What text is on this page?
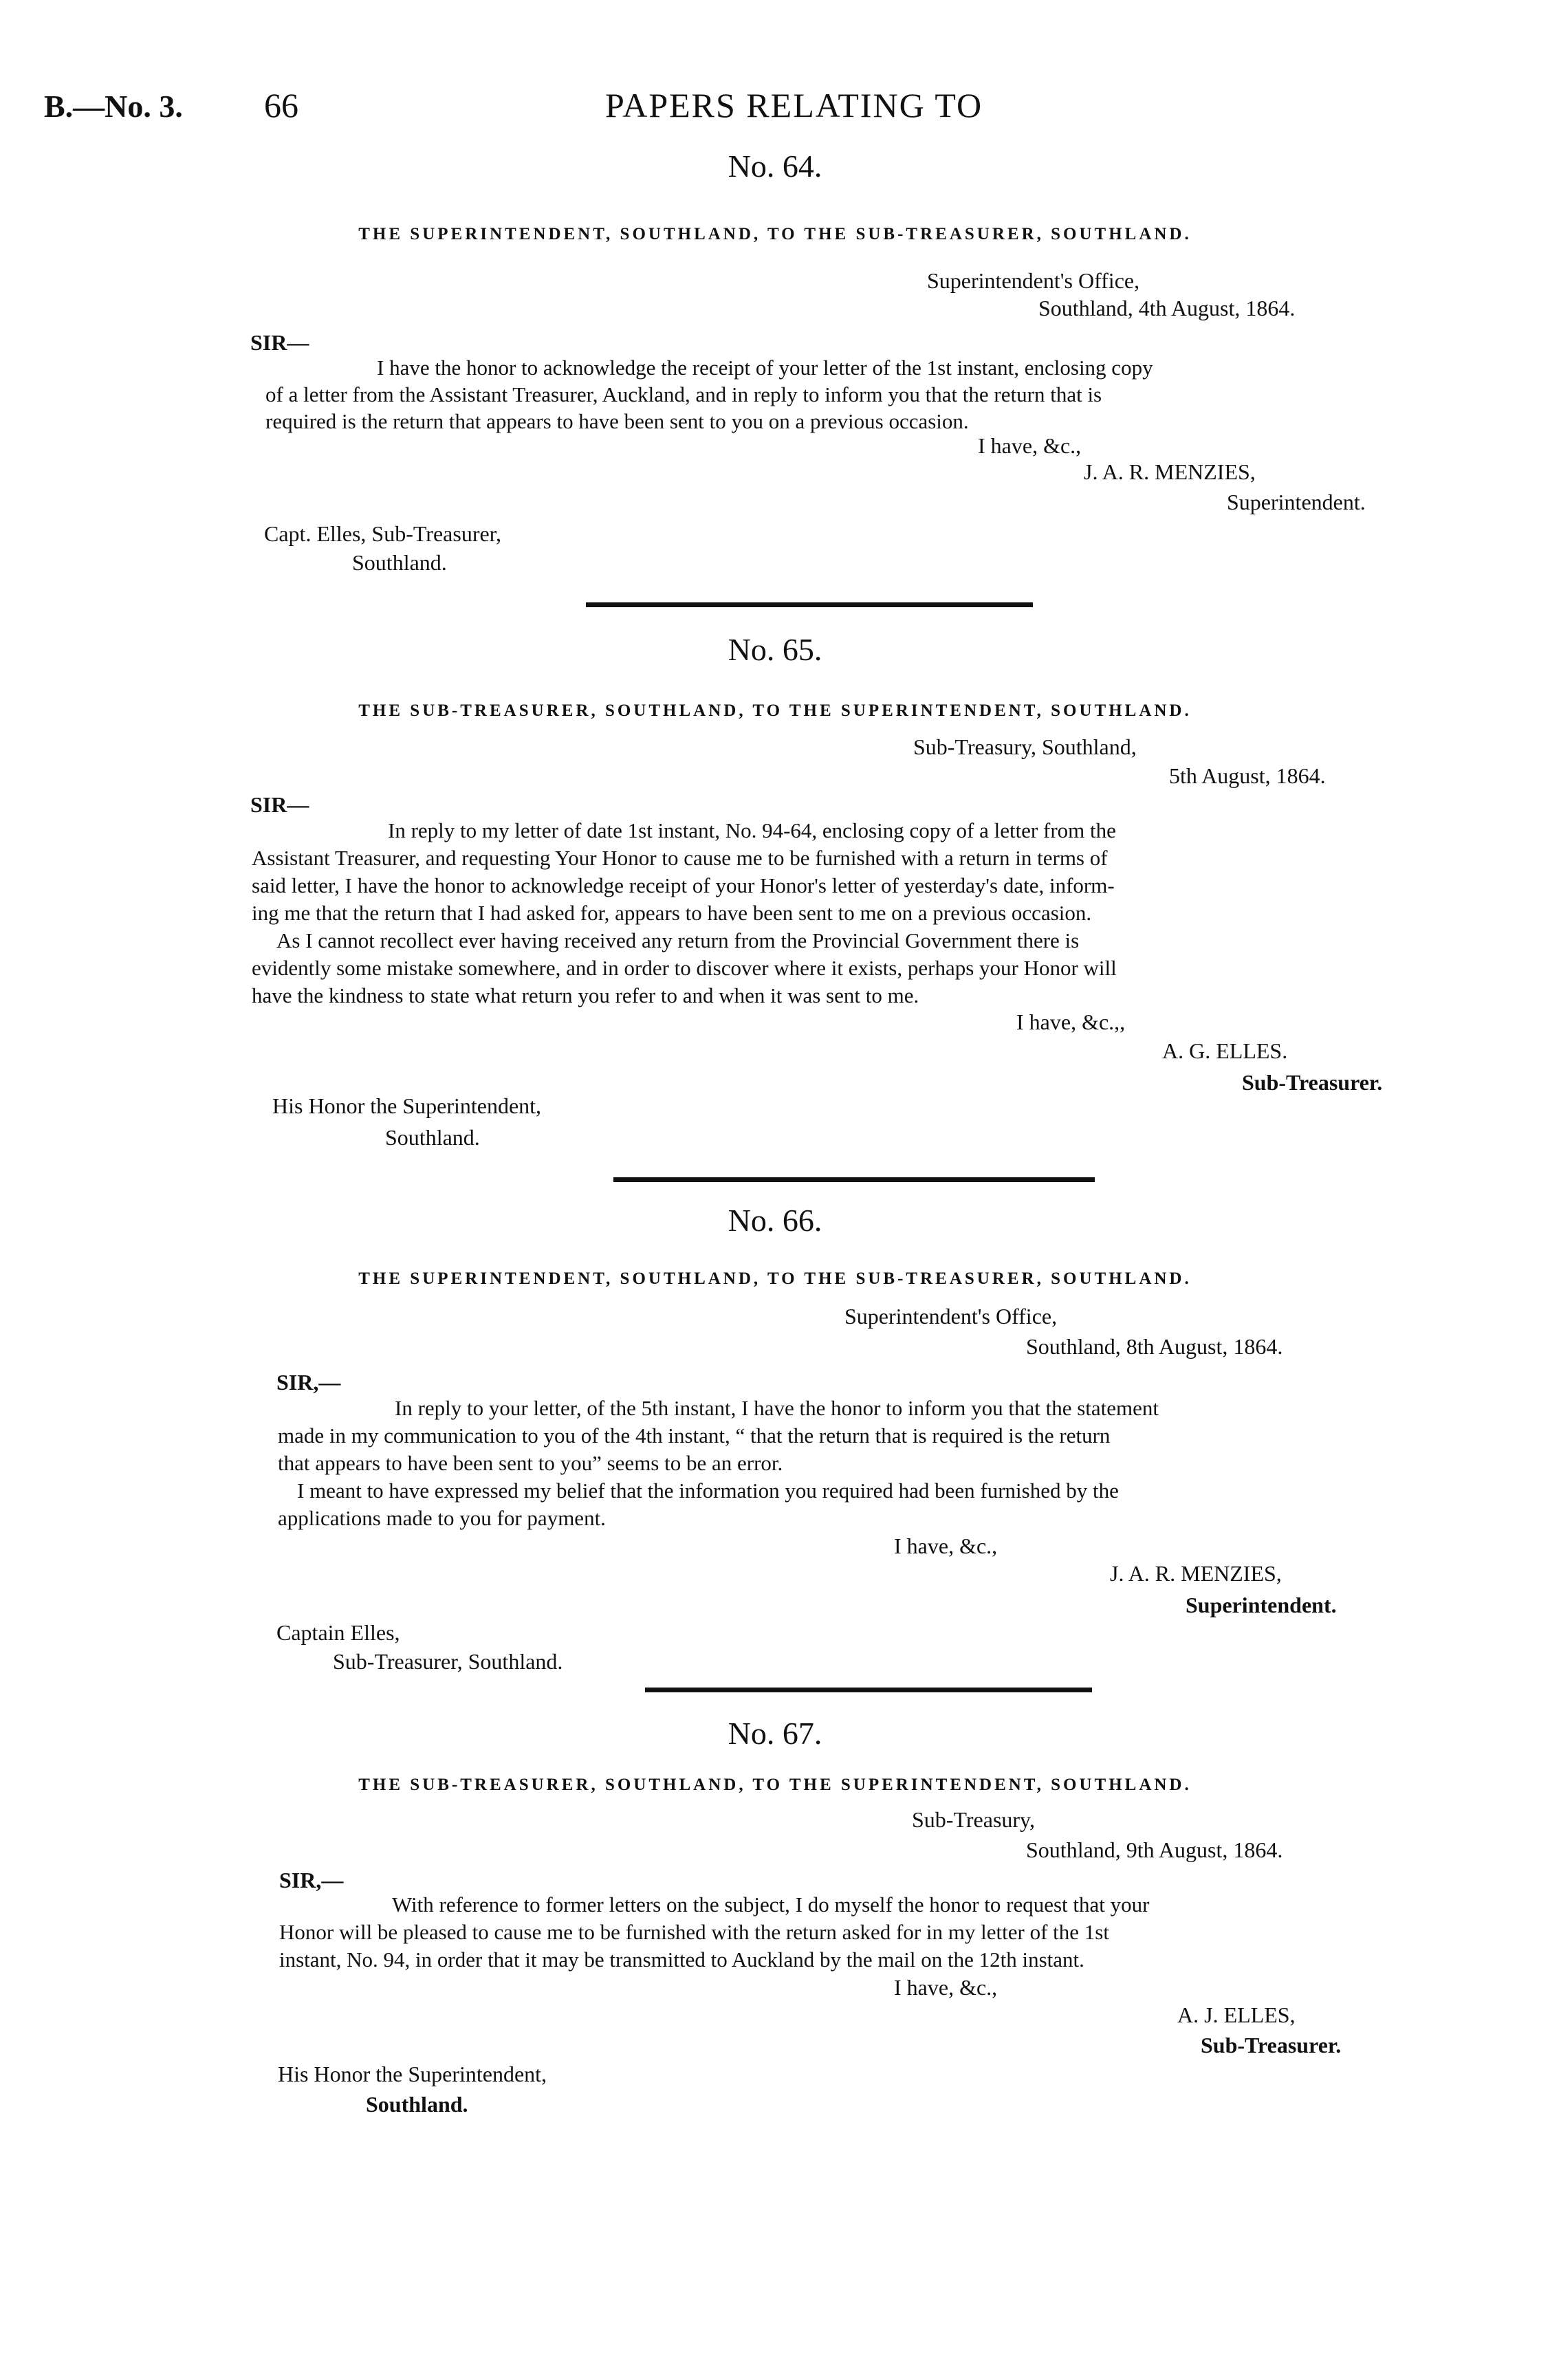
B.—No. 3. 66	PAPERS RELATING TO
No. 64.
THE SUPERINTENDENT, SOUTHLAND, TO THE SUB-TREASURER, SOUTHLAND.
Superintendent's Office,
Southland, 4th August, 1864.
SIR—
I have the honor to acknowledge the receipt of your letter of the 1st instant, enclosing copy
of a letter from the Assistant Treasurer, Auckland, and in reply to inform you that the return that is
required is the return that appears to have been sent to you on a previous occasion.
I have, &c.,
J. A. R. MENZIES,
Superintendent.
Capt. Elles, Sub-Treasurer,
Southland.
No. 65.
THE SUB-TREASURER, SOUTHLAND, TO THE SUPERINTENDENT, SOUTHLAND.
Sub-Treasury, Southland,
5th August, 1864.
SIR—
In reply to my letter of date 1st instant, No. 94-64, enclosing copy of a letter from the
Assistant Treasurer, and requesting Your Honor to cause me to be furnished with a return in terms of
said letter, I have the honor to acknowledge receipt of your Honor's letter of yesterday's date, inform-
ing me that the return that I had asked for, appears to have been sent to me on a previous occasion.
As I cannot recollect ever having received any return from the Provincial Government there is
evidently some mistake somewhere, and in order to discover where it exists, perhaps your Honor will
have the kindness to state what return you refer to and when it was sent to me.
I have, &c.,,
A. G. ELLES.
Sub-Treasurer.
His Honor the Superintendent,
Southland.
No. 66.
THE SUPERINTENDENT, SOUTHLAND, TO THE SUB-TREASURER, SOUTHLAND.
Superintendent's Office,
Southland, 8th August, 1864.
SIR,—
In reply to your letter, of the 5th instant, I have the honor to inform you that the statement
made in my communication to you of the 4th instant, “ that the return that is required is the return
that appears to have been sent to you” seems to be an error.
I meant to have expressed my belief that the information you required had been furnished by the
applications made to you for payment.
I have, &c.,
J. A. R. MENZIES,
Superintendent.
Captain Elles,
Sub-Treasurer, Southland.
No. 67.
THE SUB-TREASURER, SOUTHLAND, TO THE SUPERINTENDENT, SOUTHLAND.
Sub-Treasury,
Southland, 9th August, 1864.
SIR,—
With reference to former letters on the subject, I do myself the honor to request that your
Honor will be pleased to cause me to be furnished with the return asked for in my letter of the 1st
instant, No. 94, in order that it may be transmitted to Auckland by the mail on the 12th instant.
I have, &c.,
A. J. ELLES,
Sub-Treasurer.
His Honor the Superintendent,
Southland.
